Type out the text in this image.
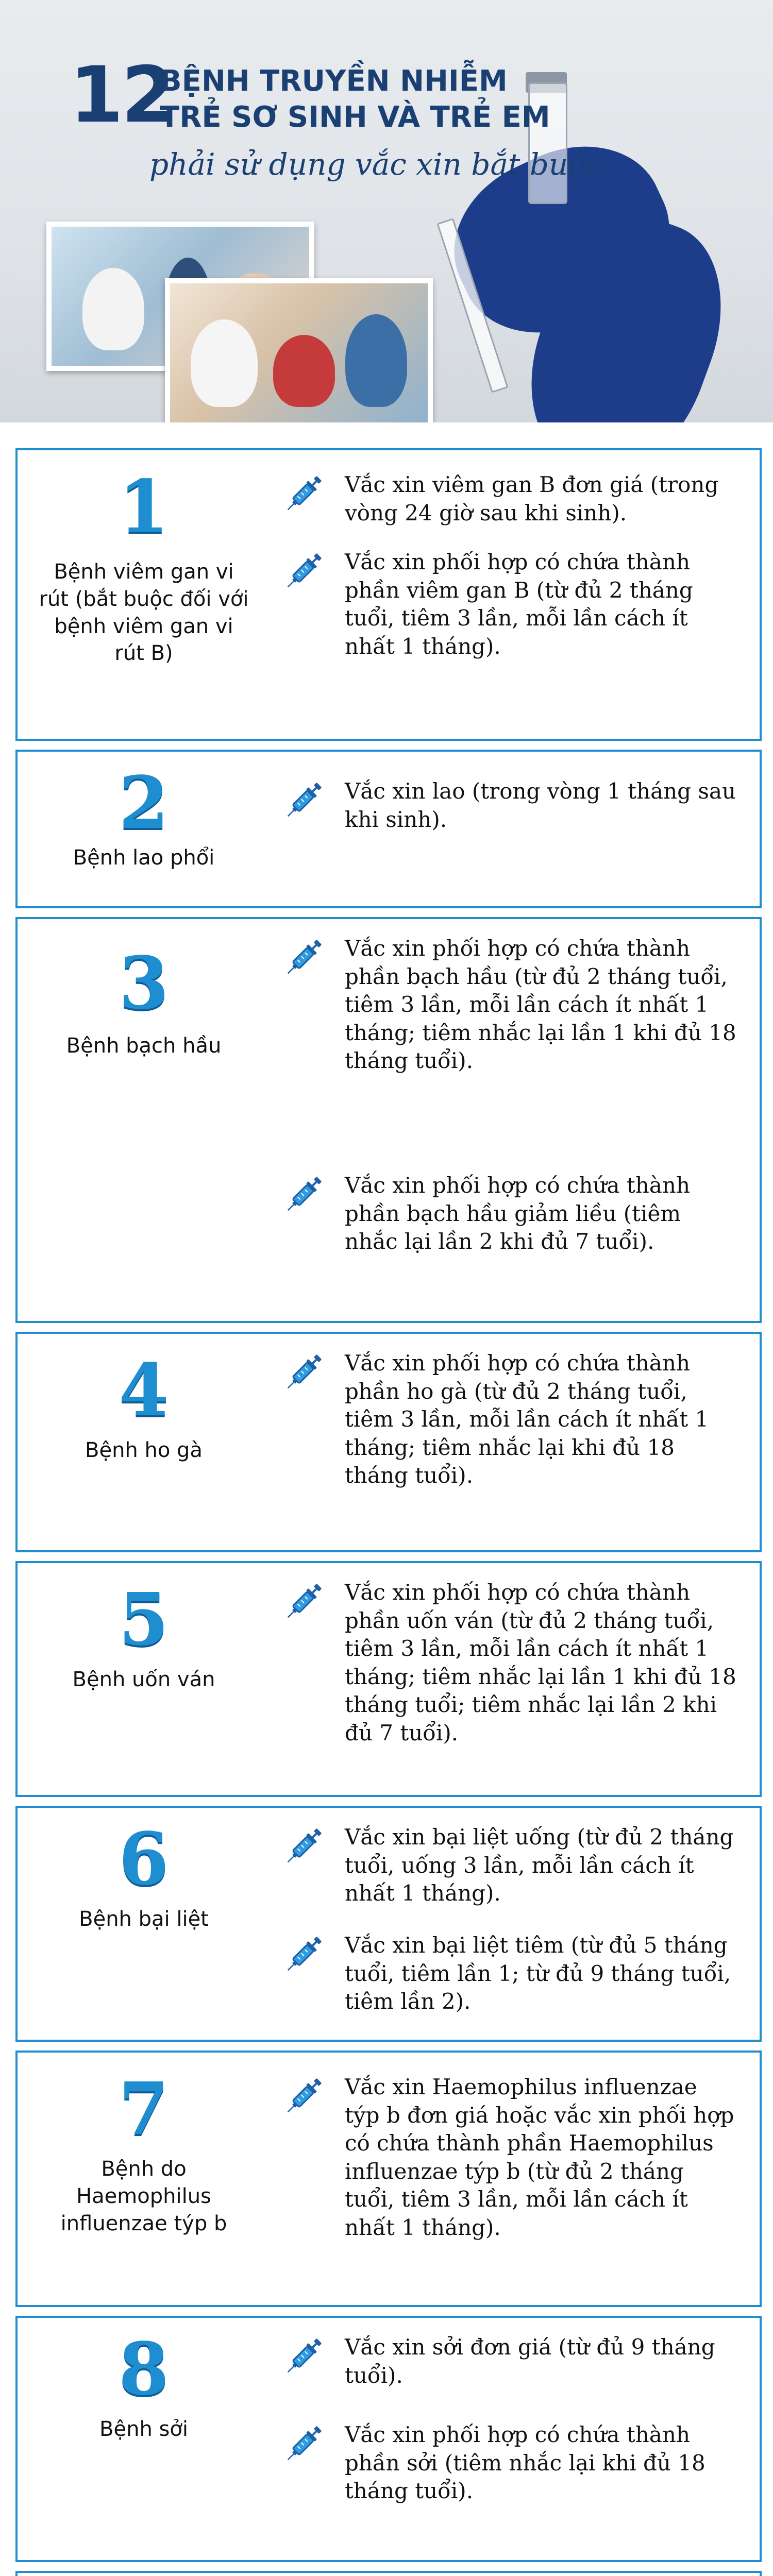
12
BỆNH TRUYỀN NHIỄM
TRẺ SƠ SINH VÀ TRẺ EM
phải sử dụng vắc xin bắt buộc
1
Bệnh viêm gan vi rút (bắt buộc đối với bệnh viêm gan vi rút B)
Vắc xin viêm gan B đơn giá (trong vòng 24 giờ sau khi sinh).
Vắc xin phối hợp có chứa thành phần viêm gan B (từ đủ 2 tháng tuổi, tiêm 3 lần, mỗi lần cách ít nhất 1 tháng).
2
Bệnh lao phổi
Vắc xin lao (trong vòng 1 tháng sau khi sinh).
3
Bệnh bạch hầu
Vắc xin phối hợp có chứa thành phần bạch hầu (từ đủ 2 tháng tuổi, tiêm 3 lần, mỗi lần cách ít nhất 1 tháng; tiêm nhắc lại lần 1 khi đủ 18 tháng tuổi).
Vắc xin phối hợp có chứa thành phần bạch hầu giảm liều (tiêm nhắc lại lần 2 khi đủ 7 tuổi).
4
Bệnh ho gà
Vắc xin phối hợp có chứa thành phần ho gà (từ đủ 2 tháng tuổi, tiêm 3 lần, mỗi lần cách ít nhất 1 tháng; tiêm nhắc lại khi đủ 18 tháng tuổi).
5
Bệnh uốn ván
Vắc xin phối hợp có chứa thành phần uốn ván (từ đủ 2 tháng tuổi, tiêm 3 lần, mỗi lần cách ít nhất 1 tháng; tiêm nhắc lại lần 1 khi đủ 18 tháng tuổi; tiêm nhắc lại lần 2 khi đủ 7 tuổi).
6
Bệnh bại liệt
Vắc xin bại liệt uống (từ đủ 2 tháng tuổi, uống 3 lần, mỗi lần cách ít nhất 1 tháng).
Vắc xin bại liệt tiêm (từ đủ 5 tháng tuổi, tiêm lần 1; từ đủ 9 tháng tuổi, tiêm lần 2).
7
Bệnh do Haemophilus influenzae týp b
Vắc xin Haemophilus influenzae týp b đơn giá hoặc vắc xin phối hợp có chứa thành phần Haemophilus influenzae týp b (từ đủ 2 tháng tuổi, tiêm 3 lần, mỗi lần cách ít nhất 1 tháng).
8
Bệnh sởi
Vắc xin sởi đơn giá (từ đủ 9 tháng tuổi).
Vắc xin phối hợp có chứa thành phần sởi (tiêm nhắc lại khi đủ 18 tháng tuổi).
